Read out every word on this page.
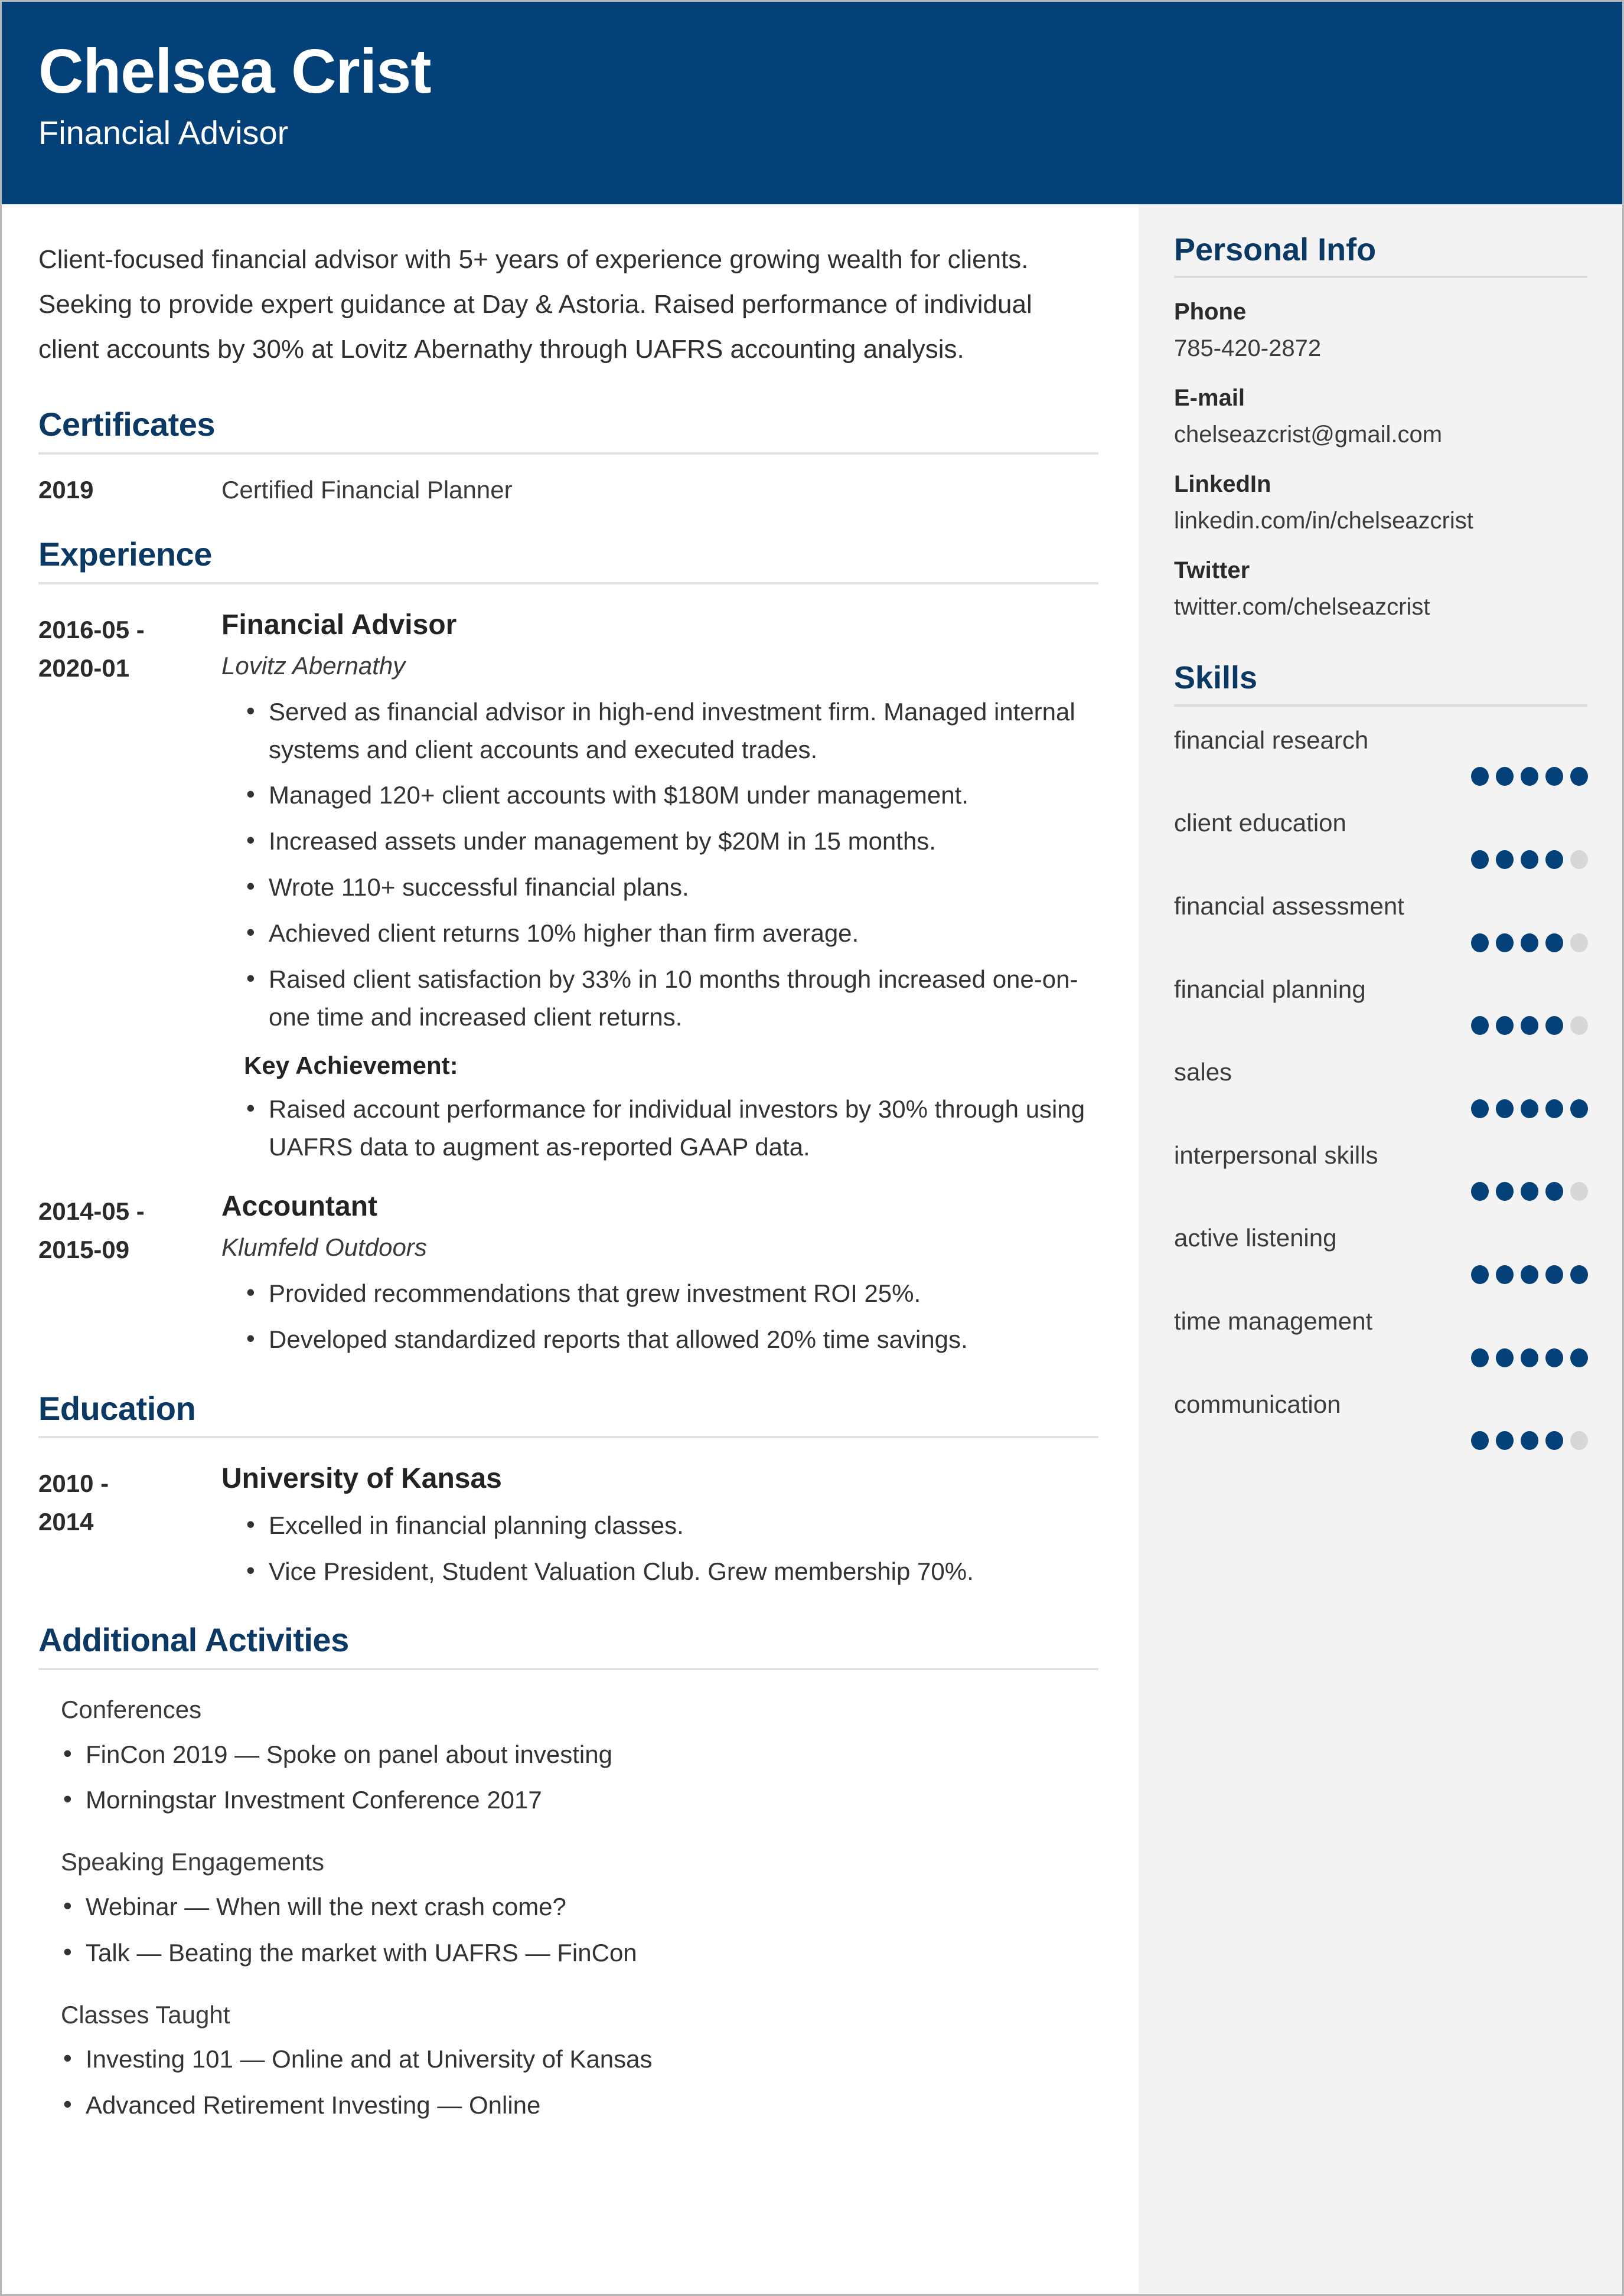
Chelsea Crist
Financial Advisor
Client-focused financial advisor with 5+ years of experience growing wealth for clients. Seeking to provide expert guidance at Day & Astoria. Raised performance of individual client accounts by 30% at Lovitz Abernathy through UAFRS accounting analysis.
Certificates
2019	Certified Financial Planner
Experience
2016-05 -
2020-01
Financial Advisor
Lovitz Abernathy
• Served as financial advisor in high-end investment firm. Managed internal systems and client accounts and executed trades.
• Managed 120+ client accounts with $180M under management.
• Increased assets under management by $20M in 15 months.
• Wrote 110+ successful financial plans.
• Achieved client returns 10% higher than firm average.
• Raised client satisfaction by 33% in 10 months through increased one-on-one time and increased client returns.
Key Achievement:
• Raised account performance for individual investors by 30% through using UAFRS data to augment as-reported GAAP data.
2014-05 -
2015-09
Accountant
Klumfeld Outdoors
• Provided recommendations that grew investment ROI 25%.
• Developed standardized reports that allowed 20% time savings.
Education
2010 -
2014
University of Kansas
• Excelled in financial planning classes.
• Vice President, Student Valuation Club. Grew membership 70%.
Additional Activities
Conferences
• FinCon 2019 — Spoke on panel about investing
• Morningstar Investment Conference 2017
Speaking Engagements
• Webinar — When will the next crash come?
• Talk — Beating the market with UAFRS — FinCon
Classes Taught
• Investing 101 — Online and at University of Kansas
• Advanced Retirement Investing — Online
Personal Info
Phone
785-420-2872
E-mail
chelseazcrist@gmail.com
LinkedIn
linkedin.com/in/chelseazcrist
Twitter
twitter.com/chelseazcrist
Skills
financial research
client education
financial assessment
financial planning
sales
interpersonal skills
active listening
time management
communication
